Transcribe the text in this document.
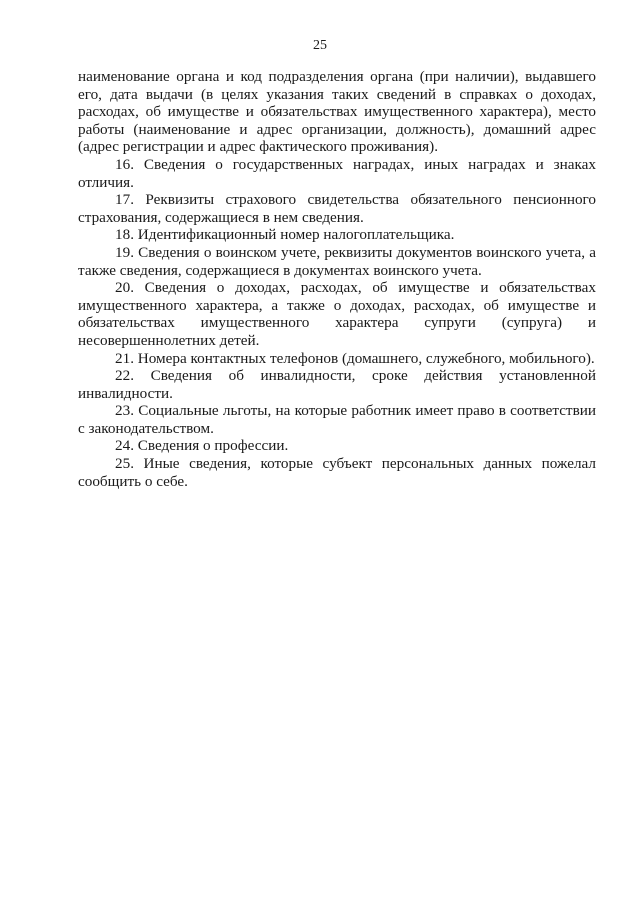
25

наименование органа и код подразделения органа (при наличии), выдавшего его, дата выдачи (в целях указания таких сведений в справках о доходах, расходах, об имуществе и обязательствах имущественного характера), место работы (наименование и адрес организации, должность), домашний адрес (адрес регистрации и адрес фактического проживания).

16. Сведения о государственных наградах, иных наградах и знаках отличия.

17. Реквизиты страхового свидетельства обязательного пенсионного страхования, содержащиеся в нем сведения.

18. Идентификационный номер налогоплательщика.

19. Сведения о воинском учете, реквизиты документов воинского учета, а также сведения, содержащиеся в документах воинского учета.

20. Сведения о доходах, расходах, об имуществе и обязательствах имущественного характера, а также о доходах, расходах, об имуществе и обязательствах имущественного характера супруги (супруга) и несовершеннолетних детей.

21. Номера контактных телефонов (домашнего, служебного, мобильного).

22. Сведения об инвалидности, сроке действия установленной инвалидности.

23. Социальные льготы, на которые работник имеет право в соответствии с законодательством.

24. Сведения о профессии.

25. Иные сведения, которые субъект персональных данных пожелал сообщить о себе.
